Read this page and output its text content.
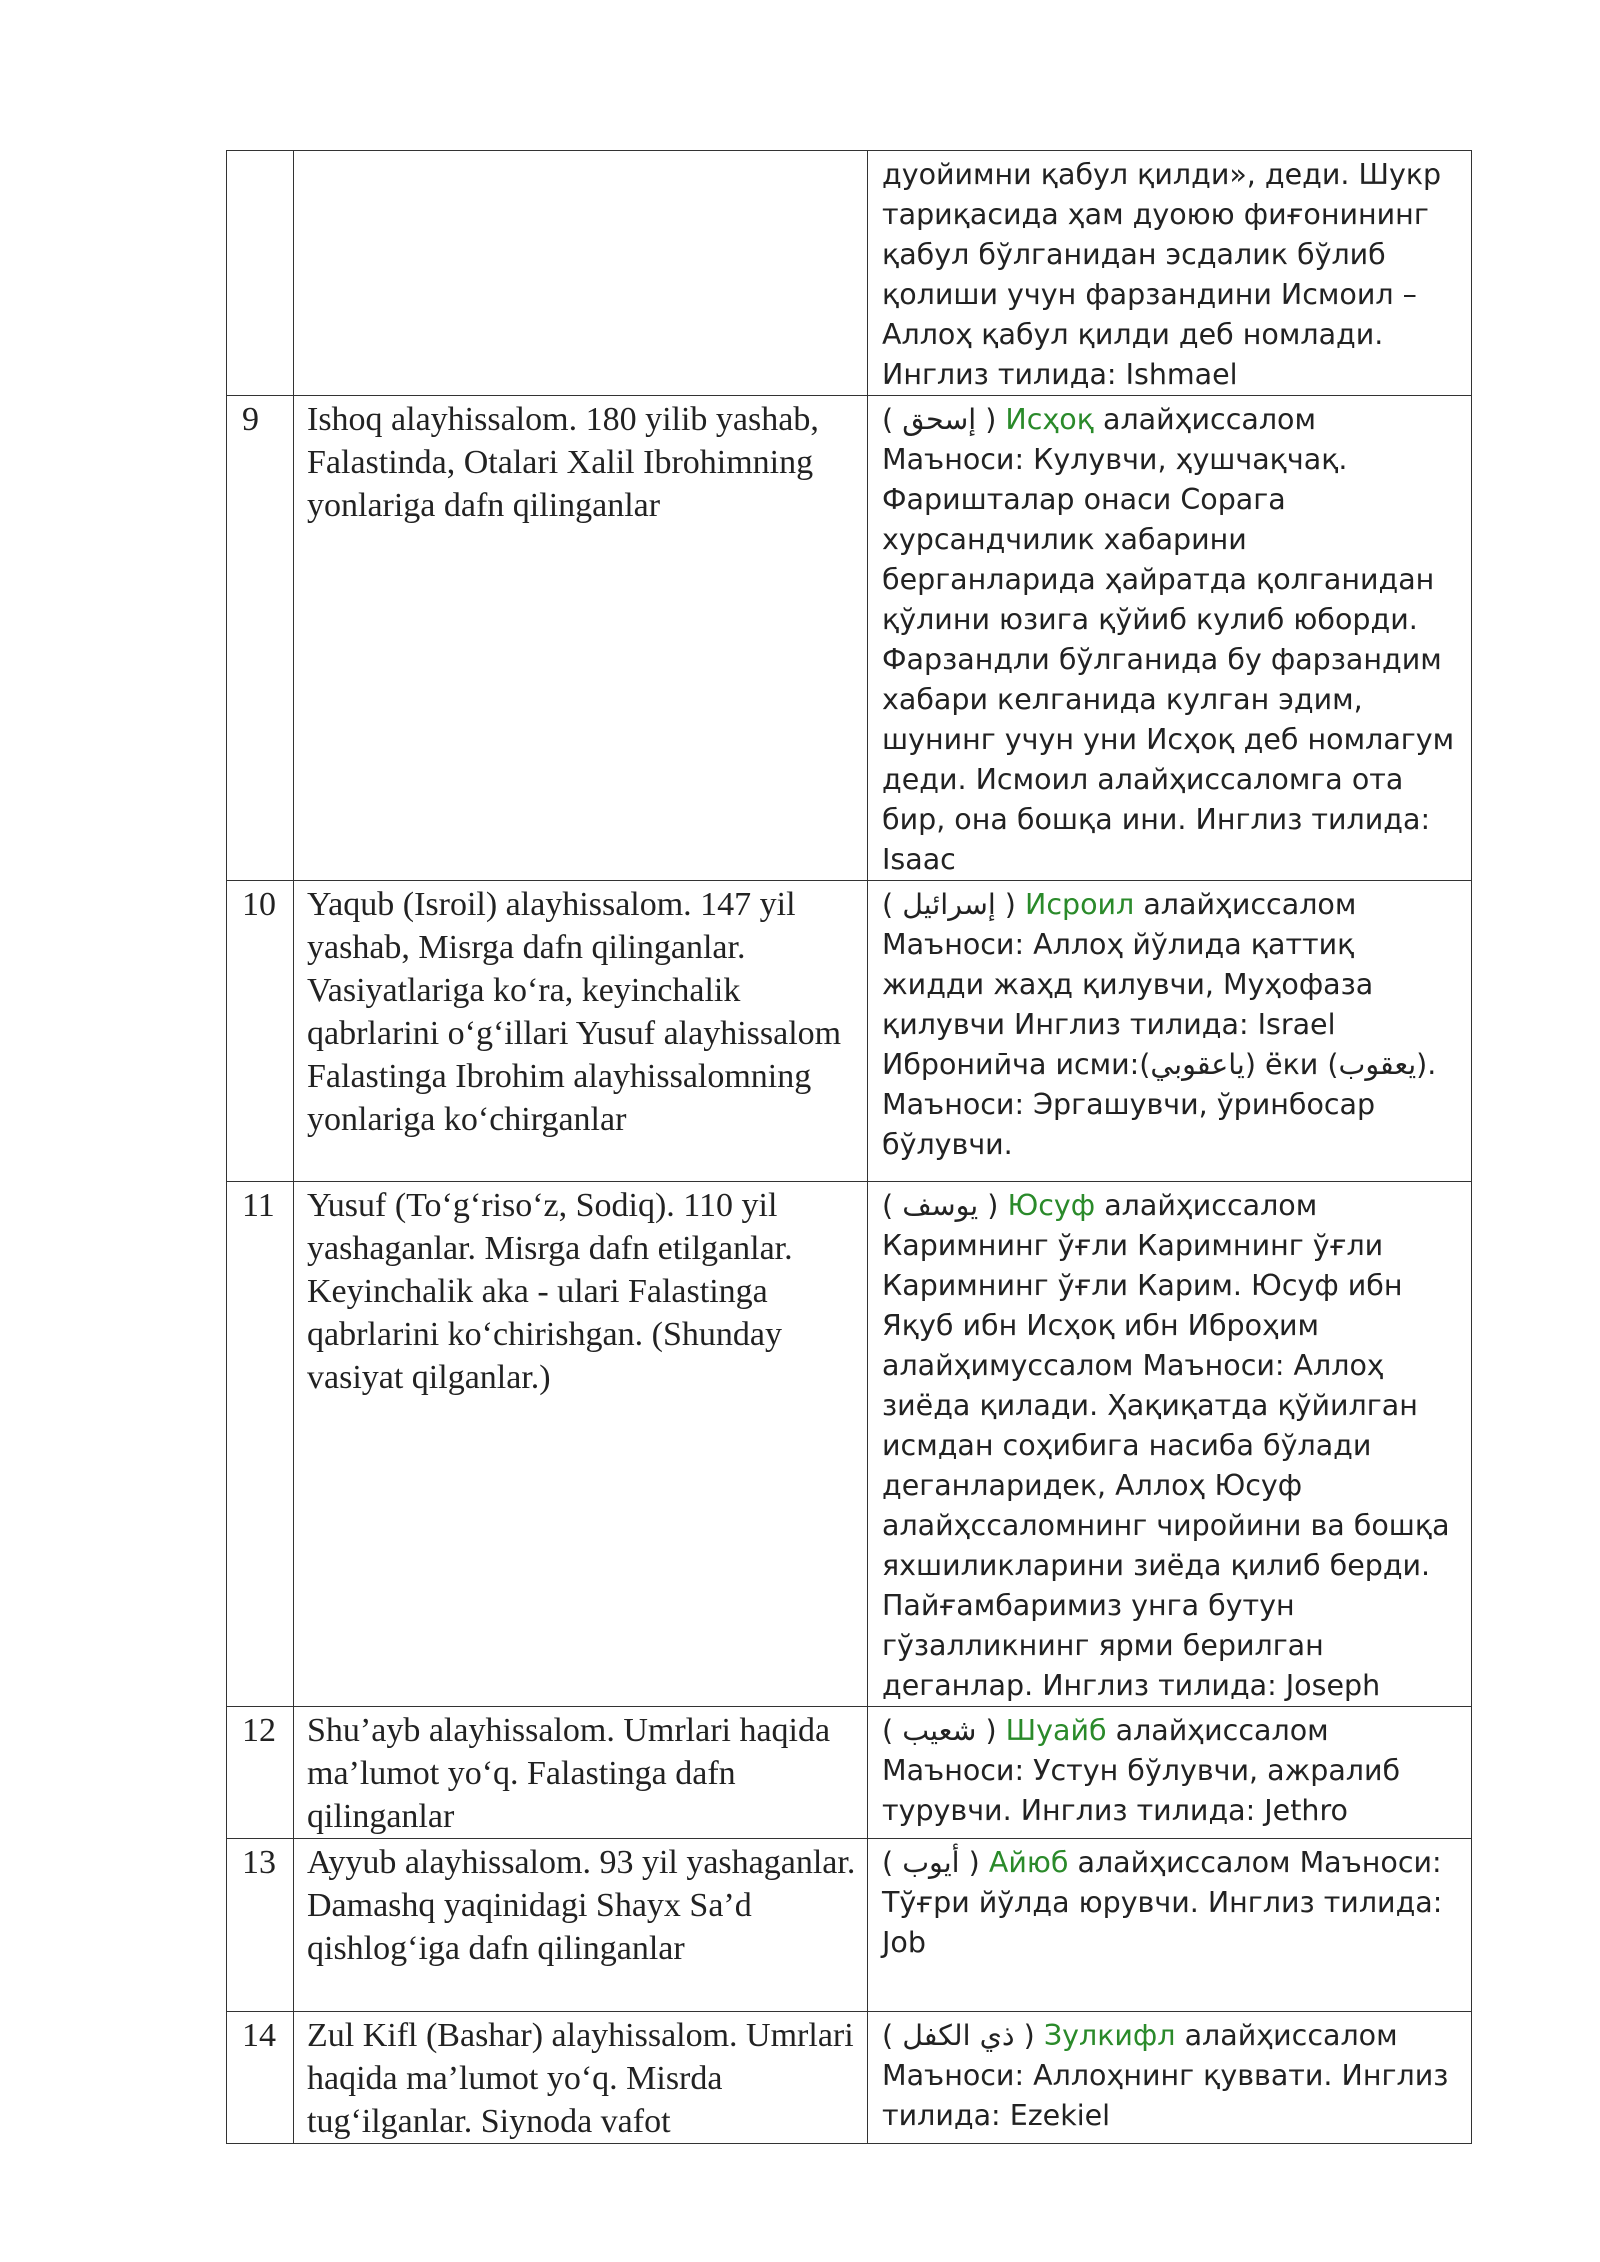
		дуойимни қабул қилди», деди. Шукр тариқасида ҳам дуоюю фиғонининг қабул бўлганидан эсдалик бўлиб қолиши учун фарзандини Исмоил – Аллоҳ қабул қилди деб номлади. Инглиз тилида: Ishmael
9	Ishoq alayhissalom. 180 yilib yashab, Falastinda, Otalari Xalil Ibrohimning yonlariga dafn qilinganlar	( إسحق ) Исҳоқ алайҳиссалом Маъноси: Кулувчи, ҳушчақчақ. Фаришталар онаси Сорага хурсандчилик хабарини берганларида ҳайратда қолганидан қўлини юзига қўйиб кулиб юборди. Фарзандли бўлганида бу фарзандим хабари келганида кулган эдим, шунинг учун уни Исҳоқ деб номлагум деди. Исмоил алайҳиссаломга ота бир, она бошқа ини. Инглиз тилида: Isaac
10	Yaqub (Isroil) alayhissalom. 147 yil yashab, Misrga dafn qilinganlar. Vasiyatlariga koʻra, keyinchalik qabrlarini oʻgʻillari Yusuf alayhissalom Falastinga Ibrohim alayhissalomning yonlariga koʻchirganlar	( إسرائيل ) Исроил алайҳиссалом Маъноси: Аллоҳ йўлида қаттиқ жидди жаҳд қилувчи, Муҳофаза қилувчи Инглиз тилида: Israel Иброниӣча исми:(ياعقوبي) ёки (يعقوب). Маъноси: Эргашувчи, ўринбосар бўлувчи.
11	Yusuf (Toʻgʻrisoʻz, Sodiq). 110 yil yashaganlar. Misrga dafn etilganlar. Keyinchalik aka - ulari Falastinga qabrlarini koʻchirishgan. (Shunday vasiyat qilganlar.)	( يوسف ) Юсуф алайҳиссалом Каримнинг ўғли Каримнинг ўғли Каримнинг ўғли Карим. Юсуф ибн Яқуб ибн Исҳоқ ибн Иброҳим алайҳимуссалом Маъноси: Аллоҳ зиёда қилади. Ҳақиқатда қўйилган исмдан соҳибига насиба бўлади деганларидек, Аллоҳ Юсуф алайҳссаломнинг чиройини ва бошқа яхшиликларини зиёда қилиб берди. Пайғамбаримиз унга бутун гўзалликнинг ярми берилган деганлар. Инглиз тилида: Joseph
12	Shu’ayb alayhissalom. Umrlari haqida ma’lumot yoʻq. Falastinga dafn qilinganlar	( شعيب ) Шуайб алайҳиссалом Маъноси: Устун бўлувчи, ажралиб турувчи. Инглиз тилида: Jethro
13	Ayyub alayhissalom. 93 yil yashaganlar. Damashq yaqinidagi Shayx Sa’d qishlogʻiga dafn qilinganlar	( أيوب ) Айюб алайҳиссалом Маъноси: Тўғри йўлда юрувчи. Инглиз тилида: Job
14	Zul Kifl (Bashar) alayhissalom. Umrlari haqida ma’lumot yoʻq. Misrda tugʻilganlar. Siynoda vafot	( ذي الكفل ) Зулкифл алайҳиссалом Маъноси: Аллоҳнинг қуввати. Инглиз тилида: Ezekiel
